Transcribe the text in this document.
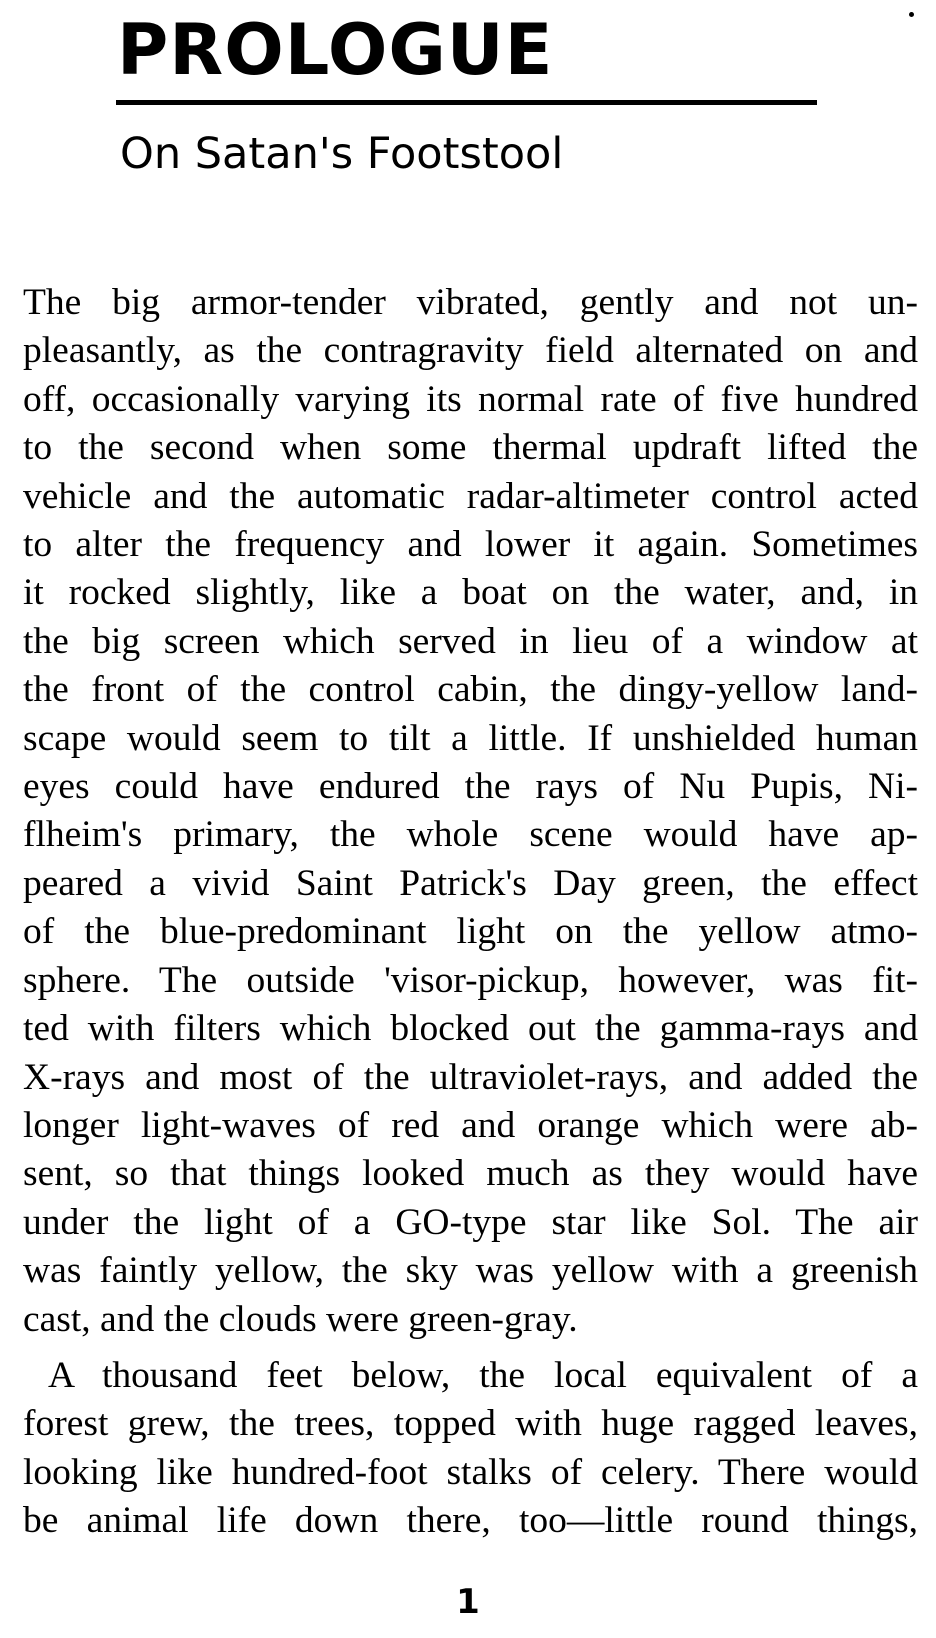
PROLOGUE
On Satan's Footstool

The big armor-tender vibrated, gently and not un-
pleasantly, as the contragravity field alternated on and
off, occasionally varying its normal rate of five hundred
to the second when some thermal updraft lifted the
vehicle and the automatic radar-altimeter control acted
to alter the frequency and lower it again. Sometimes
it rocked slightly, like a boat on the water, and, in
the big screen which served in lieu of a window at
the front of the control cabin, the dingy-yellow land-
scape would seem to tilt a little. If unshielded human
eyes could have endured the rays of Nu Pupis, Ni-
flheim's primary, the whole scene would have ap-
peared a vivid Saint Patrick's Day green, the effect
of the blue-predominant light on the yellow atmo-
sphere. The outside 'visor-pickup, however, was fit-
ted with filters which blocked out the gamma-rays and
X-rays and most of the ultraviolet-rays, and added the
longer light-waves of red and orange which were ab-
sent, so that things looked much as they would have
under the light of a GO-type star like Sol. The air
was faintly yellow, the sky was yellow with a greenish
cast, and the clouds were green-gray.

A thousand feet below, the local equivalent of a
forest grew, the trees, topped with huge ragged leaves,
looking like hundred-foot stalks of celery. There would
be animal life down there, too—little round things,

1
